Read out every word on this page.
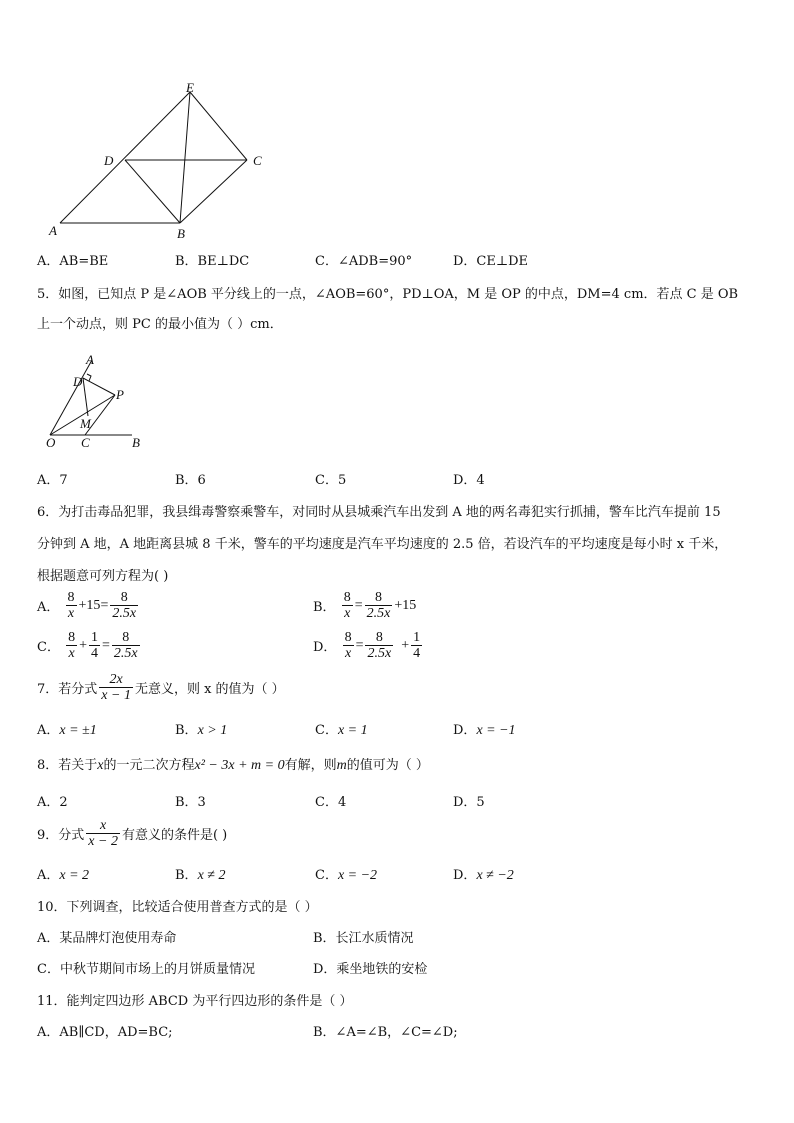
E
D	C
A	B
A．AB=BE	B．BE⊥DC	C．∠ADB=90°	D．CE⊥DE
5．如图，已知点 P 是∠AOB 平分线上的一点，∠AOB=60°，PD⊥OA，M 是 OP 的中点，DM=4 cm．若点 C 是 OB
上一个动点，则 PC 的最小值为（ ）cm．
A
D
P
M
O C	B
A．7	B．6	C．5	D．4
6．为打击毒品犯罪，我县缉毒警察乘警车，对同时从县城乘汽车出发到 A 地的两名毒犯实行抓捕，警车比汽车提前 15
分钟到 A 地，A 地距离县城 8 千米，警车的平均速度是汽车平均速度的 2.5 倍，若设汽车的平均速度是每小时 x 千米，
根据题意可列方程为( )
A． $\frac{8}{x} +15= \frac{8}{2.5x}$	B． $\frac{8}{x} = \frac{8}{2.5x} +15$
C． $\frac{8}{x} + \frac{1}{4} = \frac{8}{2.5x}$	D． $\frac{8}{x} = \frac{8}{2.5x} + \frac{1}{4}$
7．若分式 $\frac{2x}{x - 1}$ 无意义，则 x 的值为（ ）
A．x = ±1	B．x > 1	C．x = 1	D．x = −1
8．若关于x的一元二次方程x² − 3x + m = 0有解，则m的值可为（ ）
A．2	B．3	C．4	D．5
9．分式 $\frac{x}{x - 2}$ 有意义的条件是( )
A．x = 2	B．x ≠ 2	C．x = −2	D．x ≠ −2
10．下列调查，比较适合使用普查方式的是（ ）
A．某品牌灯泡使用寿命	B．长江水质情况
C．中秋节期间市场上的月饼质量情况	D．乘坐地铁的安检
11．能判定四边形 ABCD 为平行四边形的条件是（ ）
A．AB∥CD，AD=BC;	B．∠A=∠B，∠C=∠D;
